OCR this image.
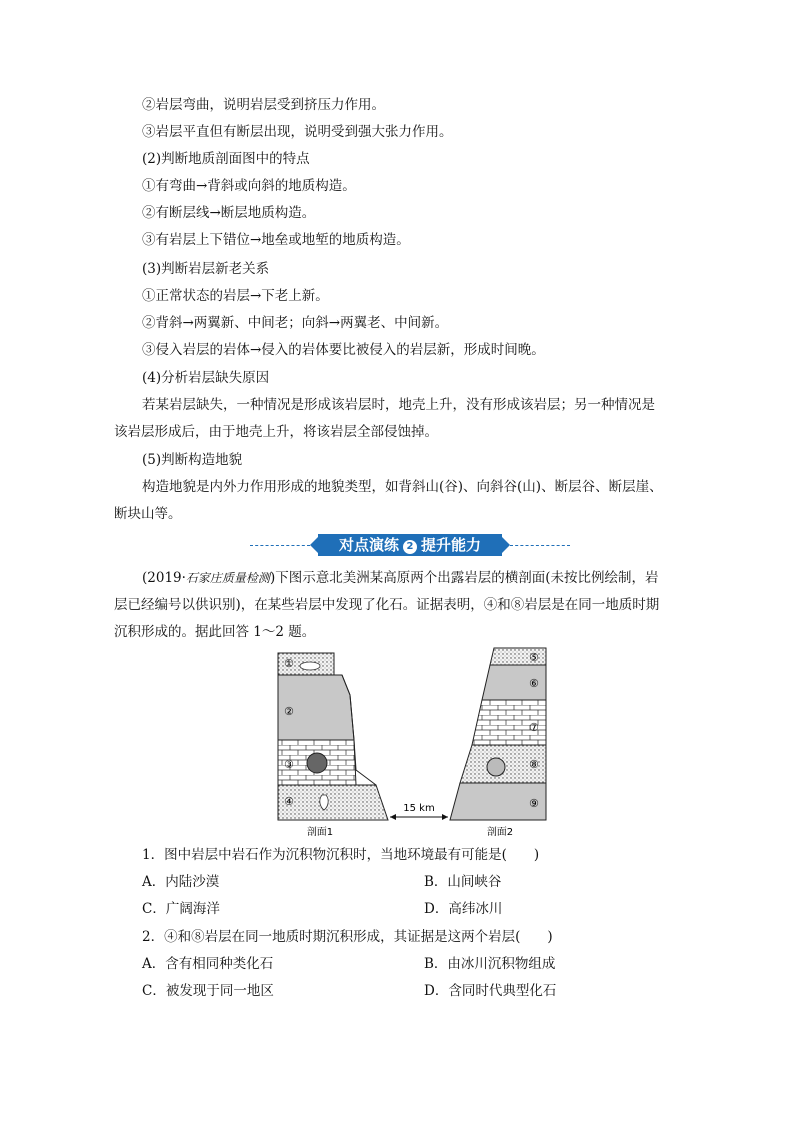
②岩层弯曲，说明岩层受到挤压力作用。
③岩层平直但有断层出现，说明受到强大张力作用。
(2)判断地质剖面图中的特点
①有弯曲→背斜或向斜的地质构造。
②有断层线→断层地质构造。
③有岩层上下错位→地垒或地堑的地质构造。
(3)判断岩层新老关系
①正常状态的岩层→下老上新。
②背斜→两翼新、中间老；向斜→两翼老、中间新。
③侵入岩层的岩体→侵入的岩体要比被侵入的岩层新，形成时间晚。
(4)分析岩层缺失原因
若某岩层缺失，一种情况是形成该岩层时，地壳上升，没有形成该岩层；另一种情况是
该岩层形成后，由于地壳上升，将该岩层全部侵蚀掉。
(5)判断构造地貌
构造地貌是内外力作用形成的地貌类型，如背斜山(谷)、向斜谷(山)、断层谷、断层崖、
断块山等。
对点演练 2 提升能力
(2019·石家庄质量检测)下图示意北美洲某高原两个出露岩层的横剖面(未按比例绘制，岩
层已经编号以供识别)，在某些岩层中发现了化石。证据表明，④和⑧岩层是在同一地质时期
沉积形成的。据此回答 1～2 题。
①
②
③
④
⑤
⑥
⑦
⑧
⑨
15 km
剖面1	剖面2
1．图中岩层中岩石作为沉积物沉积时，当地环境最有可能是(　　)
A．内陆沙漠	B．山间峡谷
C．广阔海洋	D．高纬冰川
2．④和⑧岩层在同一地质时期沉积形成，其证据是这两个岩层(　　)
A．含有相同种类化石	B．由冰川沉积物组成
C．被发现于同一地区	D．含同时代典型化石
